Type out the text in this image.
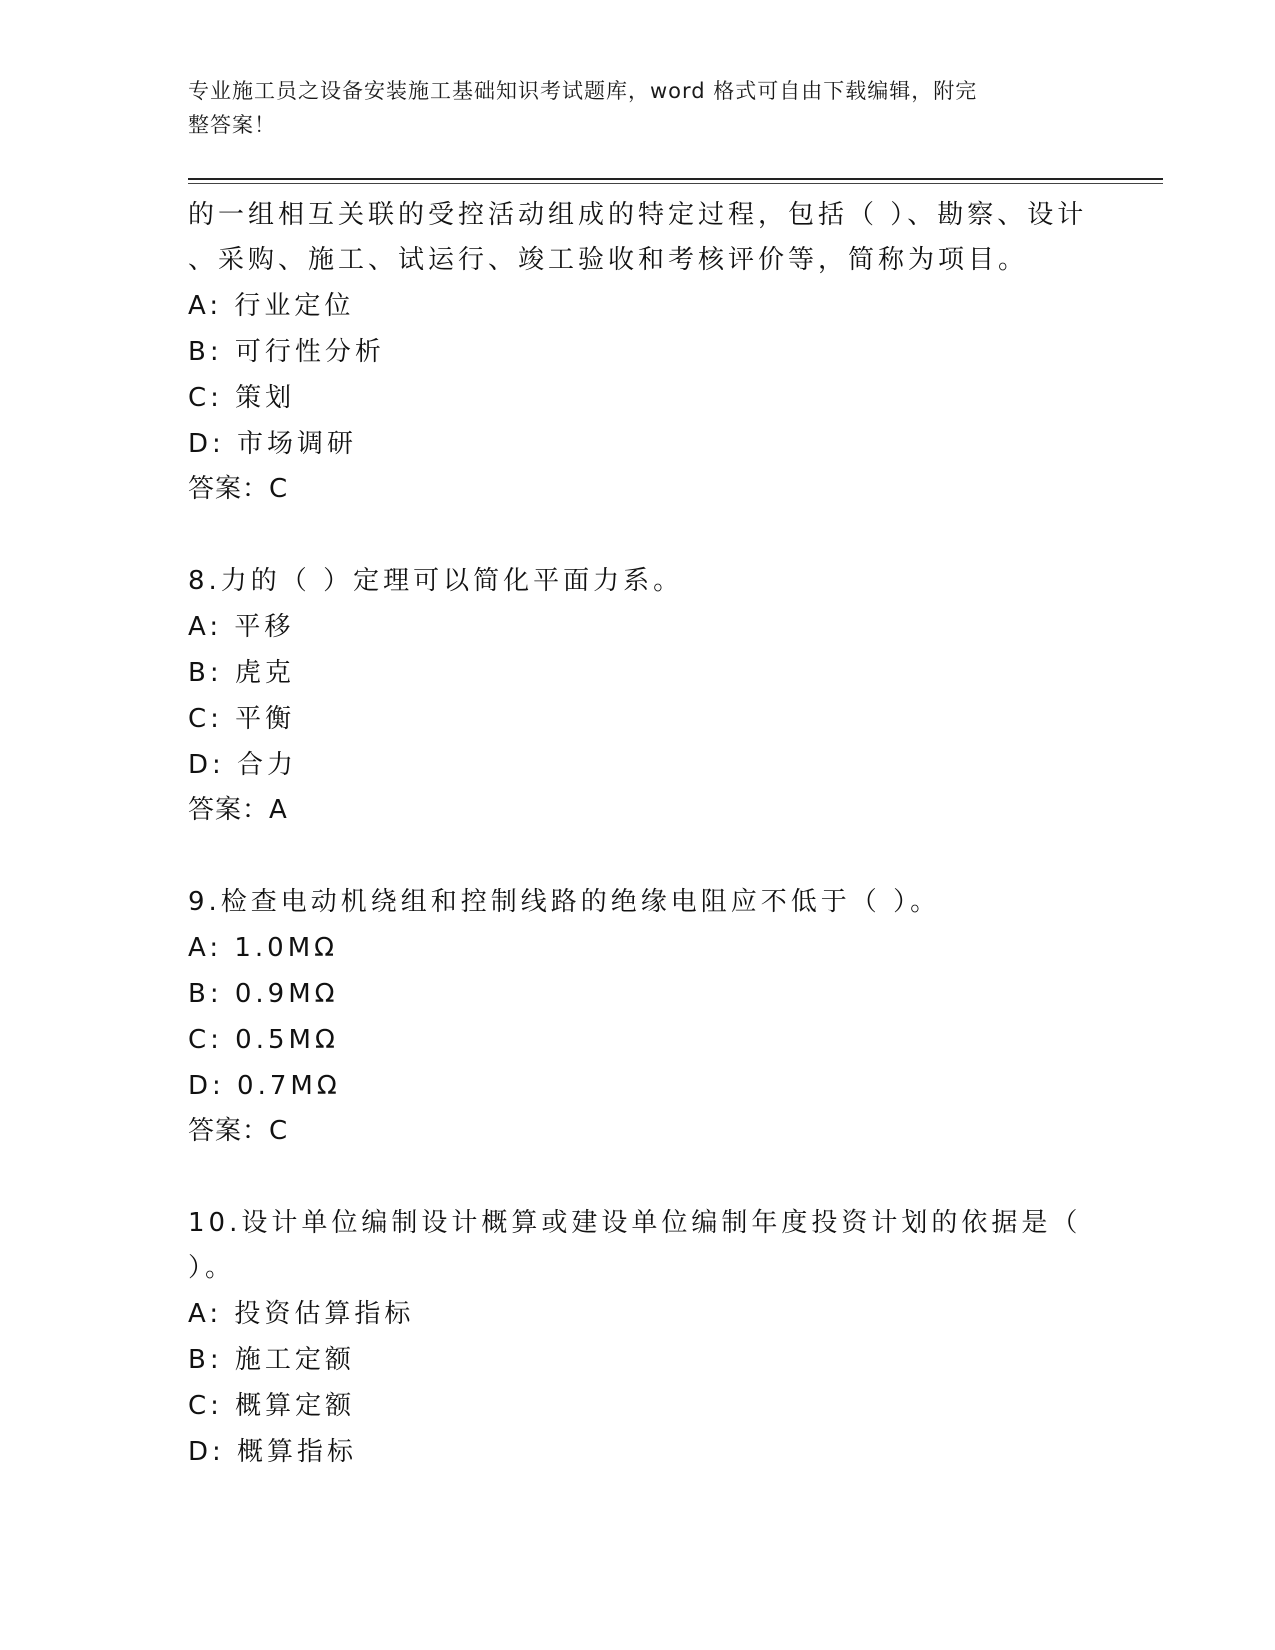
专业施工员之设备安装施工基础知识考试题库，word 格式可自由下载编辑，附完
整答案！
的一组相互关联的受控活动组成的特定过程，包括（ ）、勘察、设计
、采购、施工、试运行、竣工验收和考核评价等，简称为项目。
A: 行业定位
B: 可行性分析
C: 策划
D: 市场调研
答案：C
8.力的（ ）定理可以简化平面力系。
A: 平移
B: 虎克
C: 平衡
D: 合力
答案：A
9.检查电动机绕组和控制线路的绝缘电阻应不低于（ ）。
A: 1.0MΩ
B: 0.9MΩ
C: 0.5MΩ
D: 0.7MΩ
答案：C
10.设计单位编制设计概算或建设单位编制年度投资计划的依据是（
）。
A: 投资估算指标
B: 施工定额
C: 概算定额
D: 概算指标
